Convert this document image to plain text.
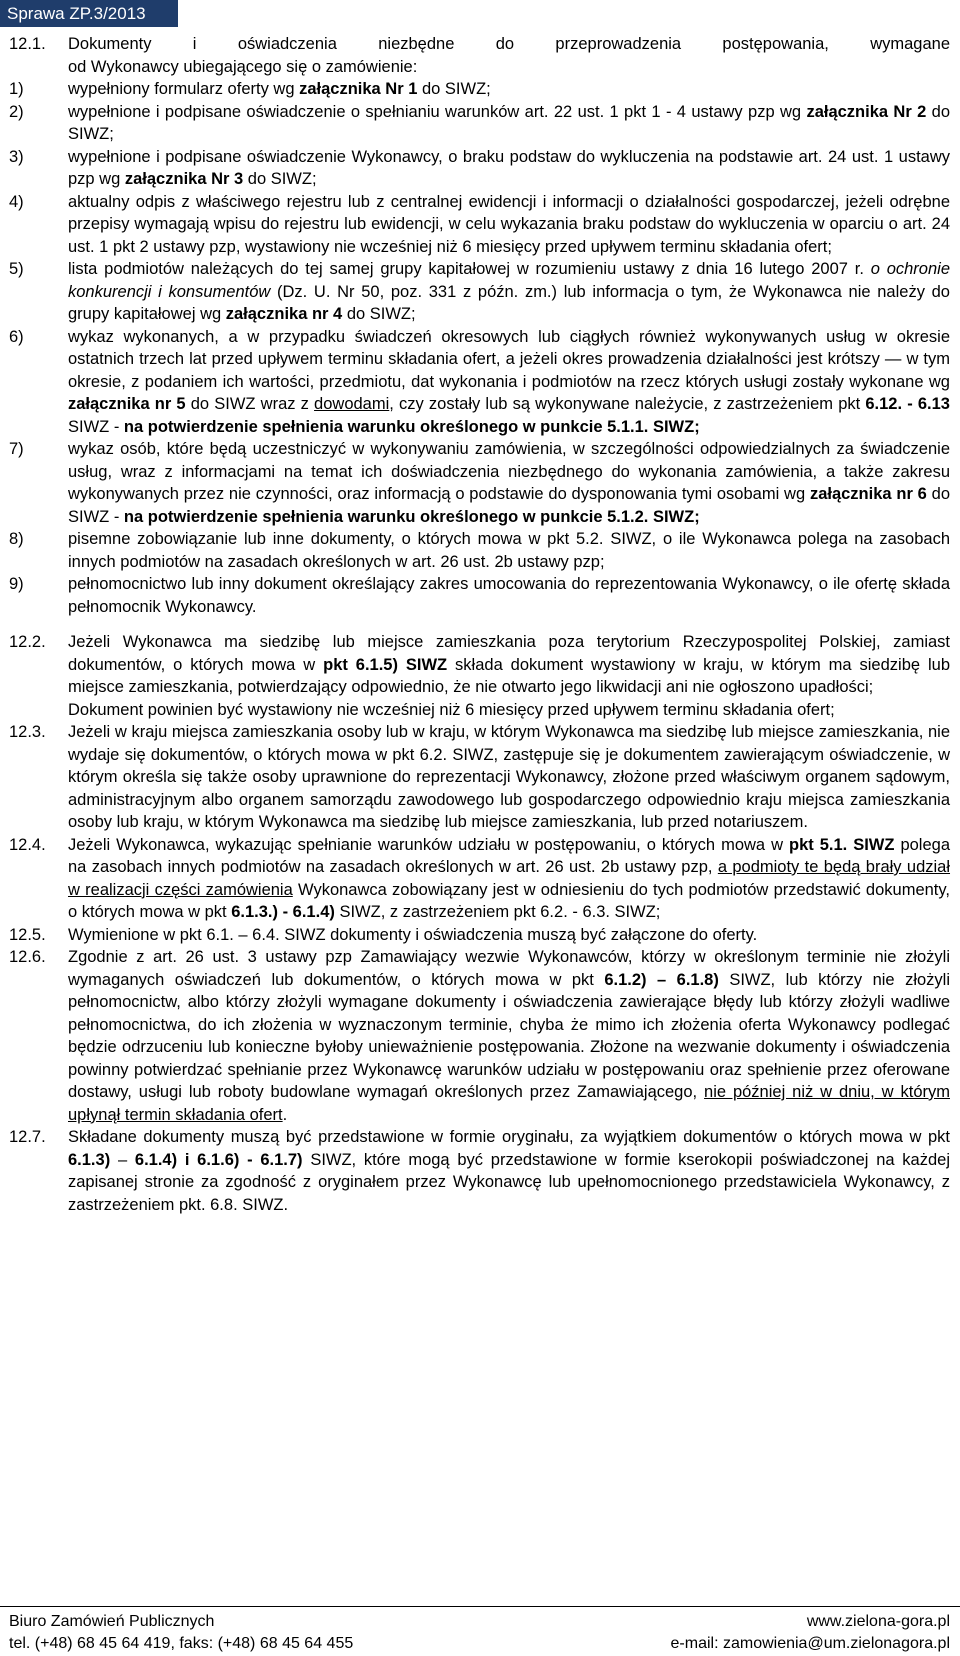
Sprawa ZP.3/2013
12.1. Dokumenty i oświadczenia niezbędne do przeprowadzenia postępowania, wymagane
od Wykonawcy ubiegającego się o zamówienie:
1)	wypełniony formularz oferty wg załącznika Nr 1 do SIWZ;
2)	wypełnione i podpisane oświadczenie o spełnianiu warunków art. 22 ust. 1 pkt 1 - 4 ustawy pzp wg załącznika Nr 2 do SIWZ;
3)	wypełnione i podpisane oświadczenie Wykonawcy, o braku podstaw do wykluczenia na podstawie art. 24 ust. 1 ustawy pzp wg załącznika Nr 3 do SIWZ;
4)	aktualny odpis z właściwego rejestru lub z centralnej ewidencji i informacji o działalności gospodarczej, jeżeli odrębne przepisy wymagają wpisu do rejestru lub ewidencji, w celu wykazania braku podstaw do wykluczenia w oparciu o art. 24 ust. 1 pkt 2 ustawy pzp, wystawiony nie wcześniej niż 6 miesięcy przed upływem terminu składania ofert;
5)	lista podmiotów należących do tej samej grupy kapitałowej w rozumieniu ustawy z dnia 16 lutego 2007 r. o ochronie konkurencji i konsumentów (Dz. U. Nr 50, poz. 331 z późn. zm.) lub informacja o tym, że Wykonawca nie należy do grupy kapitałowej wg załącznika nr 4 do SIWZ;
6)	wykaz wykonanych, a w przypadku świadczeń okresowych lub ciągłych również wykonywanych usług w okresie ostatnich trzech lat przed upływem terminu składania ofert, a jeżeli okres prowadzenia działalności jest krótszy — w tym okresie, z podaniem ich wartości, przedmiotu, dat wykonania i podmiotów na rzecz których usługi zostały wykonane wg załącznika nr 5 do SIWZ wraz z dowodami, czy zostały lub są wykonywane należycie, z zastrzeżeniem pkt 6.12. - 6.13 SIWZ - na potwierdzenie spełnienia warunku określonego w punkcie 5.1.1. SIWZ;
7)	wykaz osób, które będą uczestniczyć w wykonywaniu zamówienia, w szczególności odpowiedzialnych za świadczenie usług, wraz z informacjami na temat ich doświadczenia niezbędnego do wykonania zamówienia, a także zakresu wykonywanych przez nie czynności, oraz informacją o podstawie do dysponowania tymi osobami wg załącznika nr 6 do SIWZ - na potwierdzenie spełnienia warunku określonego w punkcie 5.1.2. SIWZ;
8)	pisemne zobowiązanie lub inne dokumenty, o których mowa w pkt 5.2. SIWZ, o ile Wykonawca polega na zasobach innych podmiotów na zasadach określonych w art. 26 ust. 2b ustawy pzp;
9)	pełnomocnictwo lub inny dokument określający zakres umocowania do reprezentowania Wykonawcy, o ile ofertę składa pełnomocnik Wykonawcy.
12.2. Jeżeli Wykonawca ma siedzibę lub miejsce zamieszkania poza terytorium Rzeczypospolitej Polskiej, zamiast dokumentów, o których mowa w pkt 6.1.5) SIWZ składa dokument wystawiony w kraju, w którym ma siedzibę lub miejsce zamieszkania, potwierdzający odpowiednio, że nie otwarto jego likwidacji ani nie ogłoszono upadłości;
Dokument powinien być wystawiony nie wcześniej niż 6 miesięcy przed upływem terminu składania ofert;
12.3. Jeżeli w kraju miejsca zamieszkania osoby lub w kraju, w którym Wykonawca ma siedzibę lub miejsce zamieszkania, nie wydaje się dokumentów, o których mowa w pkt 6.2. SIWZ, zastępuje się je dokumentem zawierającym oświadczenie, w którym określa się także osoby uprawnione do reprezentacji Wykonawcy, złożone przed właściwym organem sądowym, administracyjnym albo organem samorządu zawodowego lub gospodarczego odpowiednio kraju miejsca zamieszkania osoby lub kraju, w którym Wykonawca ma siedzibę lub miejsce zamieszkania, lub przed notariuszem.
12.4. Jeżeli Wykonawca, wykazując spełnianie warunków udziału w postępowaniu, o których mowa w pkt 5.1. SIWZ polega na zasobach innych podmiotów na zasadach określonych w art. 26 ust. 2b ustawy pzp, a podmioty te będą brały udział w realizacji części zamówienia Wykonawca zobowiązany jest w odniesieniu do tych podmiotów przedstawić dokumenty, o których mowa w pkt 6.1.3.) - 6.1.4) SIWZ, z zastrzeżeniem pkt 6.2. - 6.3. SIWZ;
12.5. Wymienione w pkt 6.1. – 6.4. SIWZ dokumenty i oświadczenia muszą być załączone do oferty.
12.6. Zgodnie z art. 26 ust. 3 ustawy pzp Zamawiający wezwie Wykonawców, którzy w określonym terminie nie złożyli wymaganych oświadczeń lub dokumentów, o których mowa w pkt 6.1.2) – 6.1.8) SIWZ, lub którzy nie złożyli pełnomocnictw, albo którzy złożyli wymagane dokumenty i oświadczenia zawierające błędy lub którzy złożyli wadliwe pełnomocnictwa, do ich złożenia w wyznaczonym terminie, chyba że mimo ich złożenia oferta Wykonawcy podlegać będzie odrzuceniu lub konieczne byłoby unieważnienie postępowania. Złożone na wezwanie dokumenty i oświadczenia powinny potwierdzać spełnianie przez Wykonawcę warunków udziału w postępowaniu oraz spełnienie przez oferowane dostawy, usługi lub roboty budowlane wymagań określonych przez Zamawiającego, nie później niż w dniu, w którym upłynął termin składania ofert.
12.7. Składane dokumenty muszą być przedstawione w formie oryginału, za wyjątkiem dokumentów o których mowa w pkt 6.1.3) – 6.1.4) i 6.1.6) - 6.1.7) SIWZ, które mogą być przedstawione w formie kserokopii poświadczonej na każdej zapisanej stronie za zgodność z oryginałem przez Wykonawcę lub upełnomocnionego przedstawiciela Wykonawcy, z zastrzeżeniem pkt. 6.8. SIWZ.
Biuro Zamówień Publicznych
tel. (+48) 68 45 64 419, faks: (+48) 68 45 64 455
www.zielona-gora.pl
e-mail: zamowienia@um.zielonagora.pl
